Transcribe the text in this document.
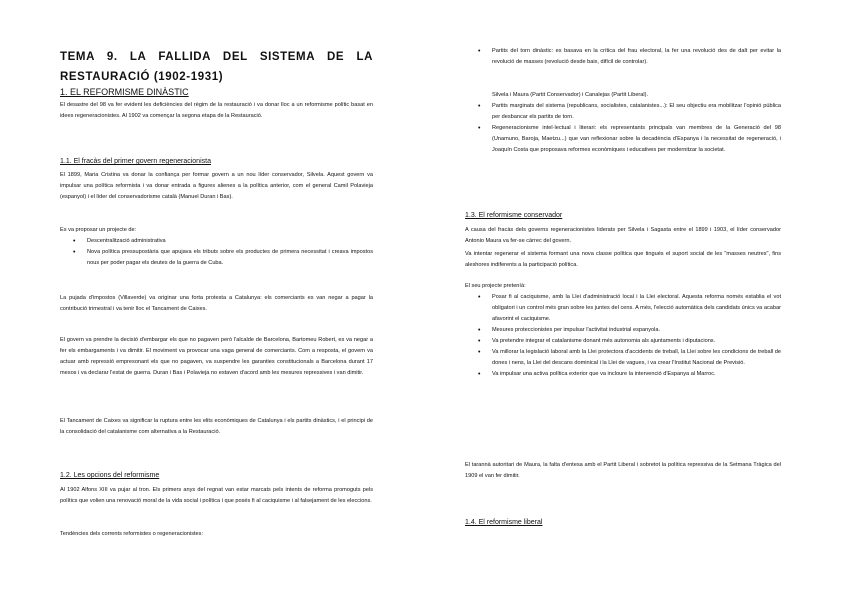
TEMA 9. LA FALLIDA DEL SISTEMA DE LA
RESTAURACIÓ (1902-1931)
1. EL REFORMISME DINÀSTIC
El desastre del 98 va fer evident les deficiències del règim de la restauració i va donar lloc a un reformisme polític basat en idees regeneracionistes. Al 1902 va començar la segona etapa de la Restauració.
1.1. El fracàs del primer govern regeneracionista
El 1899, Maria Cristina va donar la confiança per formar govern a un nou líder conservador, Silvela. Aquest govern va impulsar una política reformista i va donar entrada a figures alienes a la política anterior, com el general Camil Polavieja (espanyol) i el líder del conservadorisme català (Manuel Duran i Bas).
Es va proposar un projecte de:
• Descentralització administrativa
• Nova política pressupostària que apujava els tributs sobre els productes de primera necessitat i creava impostos nous per poder pagar els deutes de la guerra de Cuba.
La pujada d'impostos (Villaverde) va originar una forta protesta a Catalunya: els comerciants es van negar a pagar la contribució trimestral i va tenir lloc el Tancament de Caixes.
El govern va prendre la decisió d'embargar els que no pagaven però l'alcalde de Barcelona, Bartomeu Robert, es va negar a fer els embargaments i va dimitir. El moviment va provocar una vaga general de comerciants. Com a resposta, el govern va actuar amb repressió empresonant els que no pagaven, va suspendre les garanties constitucionals a Barcelona durant 17 mesos i va declarar l'estat de guerra. Duran i Bas i Polavieja no estaven d'acord amb les mesures repressives i van dimitir.
El Tancament de Caixes va significar la ruptura entre les elits econòmiques de Catalunya i els partits dinàstics, i el principi de la consolidació del catalanisme com alternativa a la Restauració.
1.2. Les opcions del reformisme
Al 1902 Alfons XIII va pujar al tron. Els primers anys del regnat van estar marcats pels intents de reforma promoguts pels polítics que volien una renovació moral de la vida social i política i que posés fi al caciquisme i al falsejament de les eleccions.
Tendències dels corrents reformistes o regeneracionistes:
• Partits del torn dinàstic: es basava en la crítica del frau electoral, la fer una revolució des de dalt per evitar la revolució de masses (revolució desde baix, difícil de controlar).
Silvela i Maura (Partit Conservador) i Canalejas (Partit Liberal).
• Partits marginats del sistema (republicans, socialistes, catalanistes...): El seu objectiu era mobilitzar l'opinió pública per desbancar els partits de torn.
• Regeneracionisme intel·lectual i literari: els representants principals van membres de la Generació del 98 (Unamuno, Baroja, Maetzu...) que van reflexionar sobre la decadència d'Espanya i la necessitat de regeneració, i Joaquín Costa que proposava reformes econòmiques i educatives per modernitzar la societat.
1.3. El reformisme conservador
A causa del fracàs dels governs regeneracionistes liderats per Silvela i Sagasta entre el 1899 i 1903, el líder conservador Antonio Maura va fer-se càrrec del govern.
Va intentar regenerar el sistema formant una nova classe política que tingués el suport social de les "masses neutres", fins aleshores indiferents a la participació política.
El seu projecte preteníà:
• Posar fi al caciquisme, amb la Llei d'administració local i la Llei electoral. Aquesta reforma només establia el vot obligatori i un control més gran sobre les juntes del cens. A més, l'elecció automàtica dels candidats únics va acabar afavorint el caciquisme.
• Mesures proteccionistes per impulsar l'activitat industrial espanyola.
• Va pretendre integrar el catalanisme donant més autonomia als ajuntaments i diputacions.
• Va millorar la legislació laboral amb la Llei protectora d'accidents de treball, la Llei sobre les condicions de treball de dones i nens, la Llei del descans dominical i la Llei de vagues, i va crear l'Institut Nacional de Previsió.
• Va impulsar una activa política exterior que va incloure la intervenció d'Espanya al Marroc.
El tarannà autoritari de Maura, la falta d'entesa amb el Partit Liberal i sobretot la política repressiva de la Setmana Tràgica del 1909 el van fer dimitir.
1.4. El reformisme liberal
